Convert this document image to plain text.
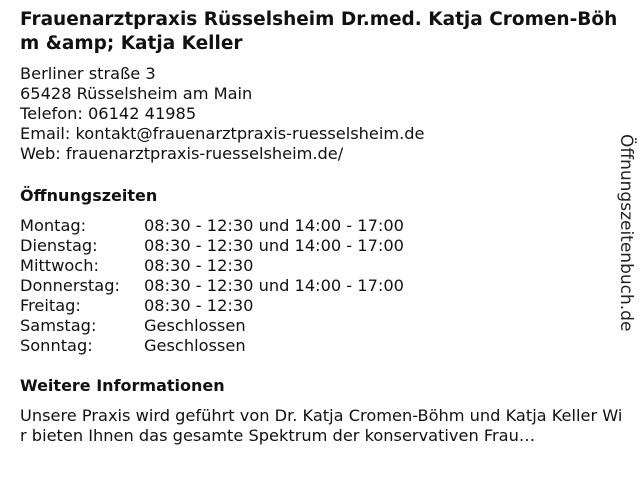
Frauenarztpraxis Rüsselsheim Dr.med. Katja Cromen-Böhm &amp; Katja Keller
Berliner straße 3
65428 Rüsselsheim am Main
Telefon: 06142 41985
Email: kontakt@frauenarztpraxis-ruesselsheim.de
Web: frauenarztpraxis-ruesselsheim.de/
Öffnungszeiten
Montag:	08:30 - 12:30 und 14:00 - 17:00
Dienstag:	08:30 - 12:30 und 14:00 - 17:00
Mittwoch:	08:30 - 12:30
Donnerstag:	08:30 - 12:30 und 14:00 - 17:00
Freitag:	08:30 - 12:30
Samstag:	Geschlossen
Sonntag:	Geschlossen
Weitere Informationen
Unsere Praxis wird geführt von Dr. Katja Cromen-Böhm und Katja Keller Wir bieten Ihnen das gesamte Spektrum der konservativen Frau…
Öffnungszeitenbuch.de
